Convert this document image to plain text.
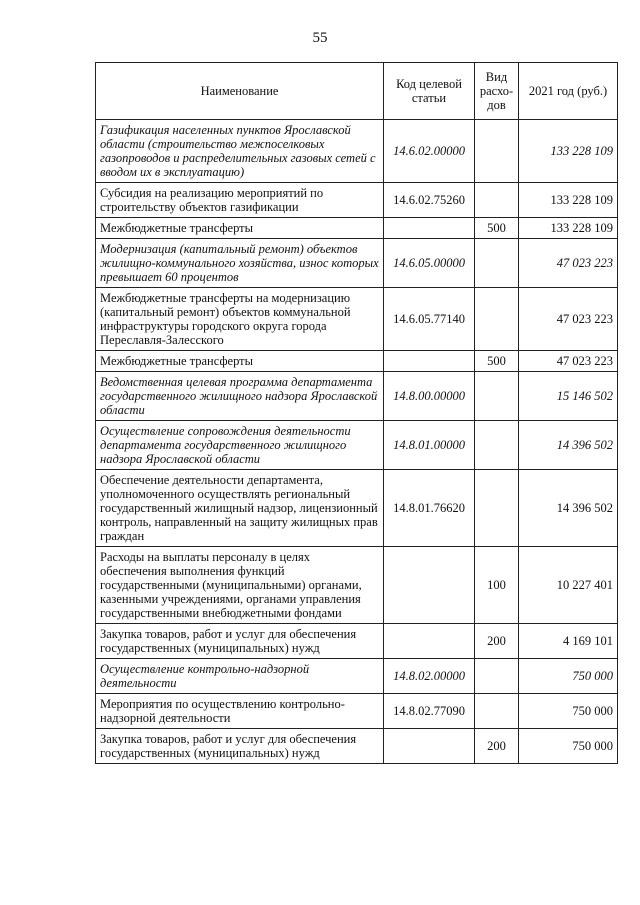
55
Наименование	Код целевой статьи	Вид расхо-дов	2021 год (руб.)
Газификация населенных пунктов Ярославской области (строительство межпоселковых газопроводов и распределительных газовых сетей с вводом их в эксплуатацию)	14.6.02.00000		133 228 109
Субсидия на реализацию мероприятий по строительству объектов газификации	14.6.02.75260		133 228 109
Межбюджетные трансферты		500	133 228 109
Модернизация (капитальный ремонт) объектов жилищно-коммунального хозяйства, износ которых превышает 60 процентов	14.6.05.00000		47 023 223
Межбюджетные трансферты на модернизацию (капитальный ремонт) объектов коммунальной инфраструктуры городского округа города Переславля-Залесского	14.6.05.77140		47 023 223
Межбюджетные трансферты		500	47 023 223
Ведомственная целевая программа департамента государственного жилищного надзора Ярославской области	14.8.00.00000		15 146 502
Осуществление сопровождения деятельности департамента государственного жилищного надзора Ярославской области	14.8.01.00000		14 396 502
Обеспечение деятельности департамента, уполномоченного осуществлять региональный государственный жилищный надзор, лицензионный контроль, направленный на защиту жилищных прав граждан	14.8.01.76620		14 396 502
Расходы на выплаты персоналу в целях обеспечения выполнения функций государственными (муниципальными) органами, казенными учреждениями, органами управления государственными внебюджетными фондами		100	10 227 401
Закупка товаров, работ и услуг для обеспечения государственных (муниципальных) нужд		200	4 169 101
Осуществление контрольно-надзорной деятельности	14.8.02.00000		750 000
Мероприятия по осуществлению контрольно-надзорной деятельности	14.8.02.77090		750 000
Закупка товаров, работ и услуг для обеспечения государственных (муниципальных) нужд		200	750 000
